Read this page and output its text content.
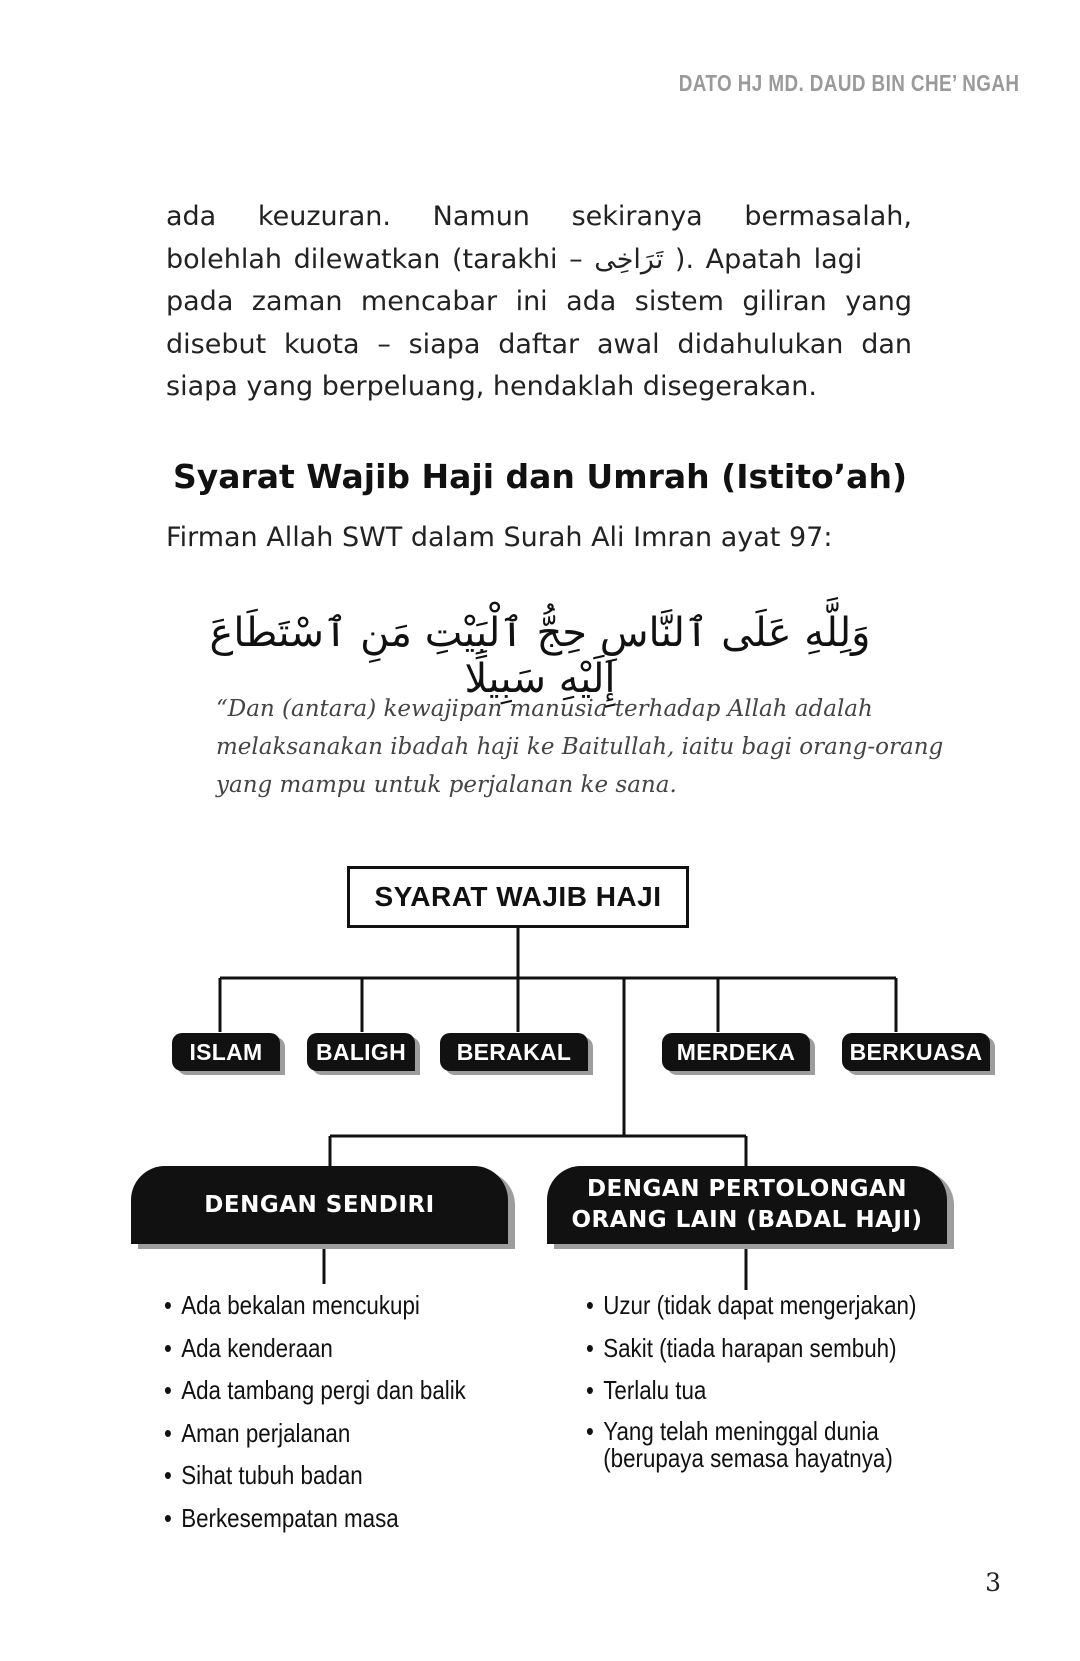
DATO HJ MD. DAUD BIN CHE’ NGAH
ada keuzuran. Namun sekiranya bermasalah,
bolehlah dilewatkan (tarakhi – تَرَاخِى ). Apatah lagi
pada zaman mencabar ini ada sistem giliran yang
disebut kuota – siapa daftar awal didahulukan dan
siapa yang berpeluang, hendaklah disegerakan.
Syarat Wajib Haji dan Umrah (Istito’ah)
Firman Allah SWT dalam Surah Ali Imran ayat 97:
وَلِلَّهِ عَلَى ٱلنَّاسِ حِجُّ ٱلْبَيْتِ مَنِ ٱسْتَطَاعَ إِلَيْهِ سَبِيلًا
“Dan (antara) kewajipan manusia terhadap Allah adalah
melaksanakan ibadah haji ke Baitullah, iaitu bagi orang-orang
yang mampu untuk perjalanan ke sana.
SYARAT WAJIB HAJI
ISLAM	BALIGH	BERAKAL	MERDEKA	BERKUASA
DENGAN SENDIRI
DENGAN PERTOLONGAN
ORANG LAIN (BADAL HAJI)
• Ada bekalan mencukupi
• Ada kenderaan
• Ada tambang pergi dan balik
• Aman perjalanan
• Sihat tubuh badan
• Berkesempatan masa
• Uzur (tidak dapat mengerjakan)
• Sakit (tiada harapan sembuh)
• Terlalu tua
• Yang telah meninggal dunia
(berupaya semasa hayatnya)
3
